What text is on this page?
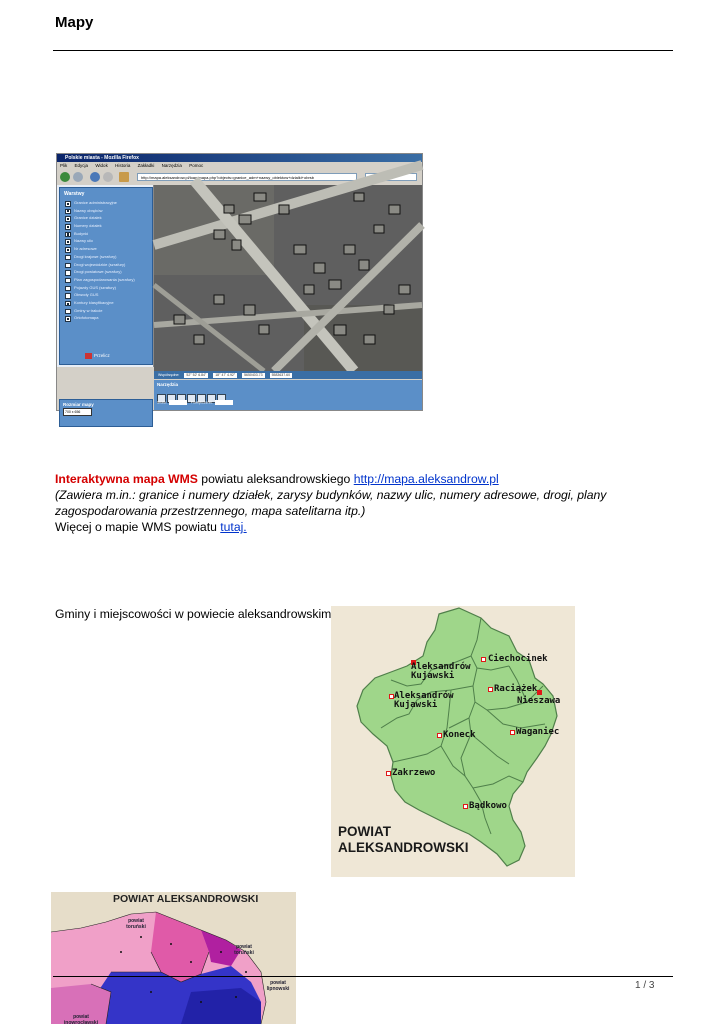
Mapy
Polskie miasta - Mozilla Firefox
Plik Edycja Widok Historia Zakładki Narzędzia Pomoc
http://mapa.aleksandrow.pl/loap/mapa.php?objects=granice_adm+nazwy_obiektow+dzialki+obrsb	Google
Warstwy
Granice administracyjne
Nazwy obrębów
Granice działek
Numery działek
Budynki
Nazwy ulic
Nr adresowe
Drogi krajowe (szrafury)
Drogi wojewódzkie (szrafury)
Drogi powiatowe (szrafury)
Plan zagospodarowania (szrafury)
Pojazdy GUS (szrafury)
Obwody GUS
Kontury klasyfikacyjne
Gminy w trakcie
Ortofotomapa
Przelicz
Rozmiar mapy
700 x 656
Współrzędne: 52° 52' 6.84"	18° 47' 4.92"	5650403.73	5583637.60
Narzędzia
Skala:	Powiększenie:
Interaktywna mapa WMS powiatu aleksandrowskiego http://mapa.aleksandrow.pl
(Zawiera m.in.: granice i numery działek, zarysy budynków, nazwy ulic, numery adresowe, drogi, plany zagospodarowania przestrzennego, mapa satelitarna itp.)
Więcej o mapie WMS powiatu tutaj.
Gminy i miejscowości w powiecie aleksandrowskim
Ciechocinek
Aleksandrów
Kujawski
Aleksandrów
Kujawski
Raciążek
Nieszawa
Koneck	Waganiec
Zakrzewo
Bądkowo
POWIAT
ALEKSANDROWSKI
POWIAT ALEKSANDROWSKI
powiat toruński
powiat toruński
powiat lipnowski
powiat inowrocławski
1 / 3
